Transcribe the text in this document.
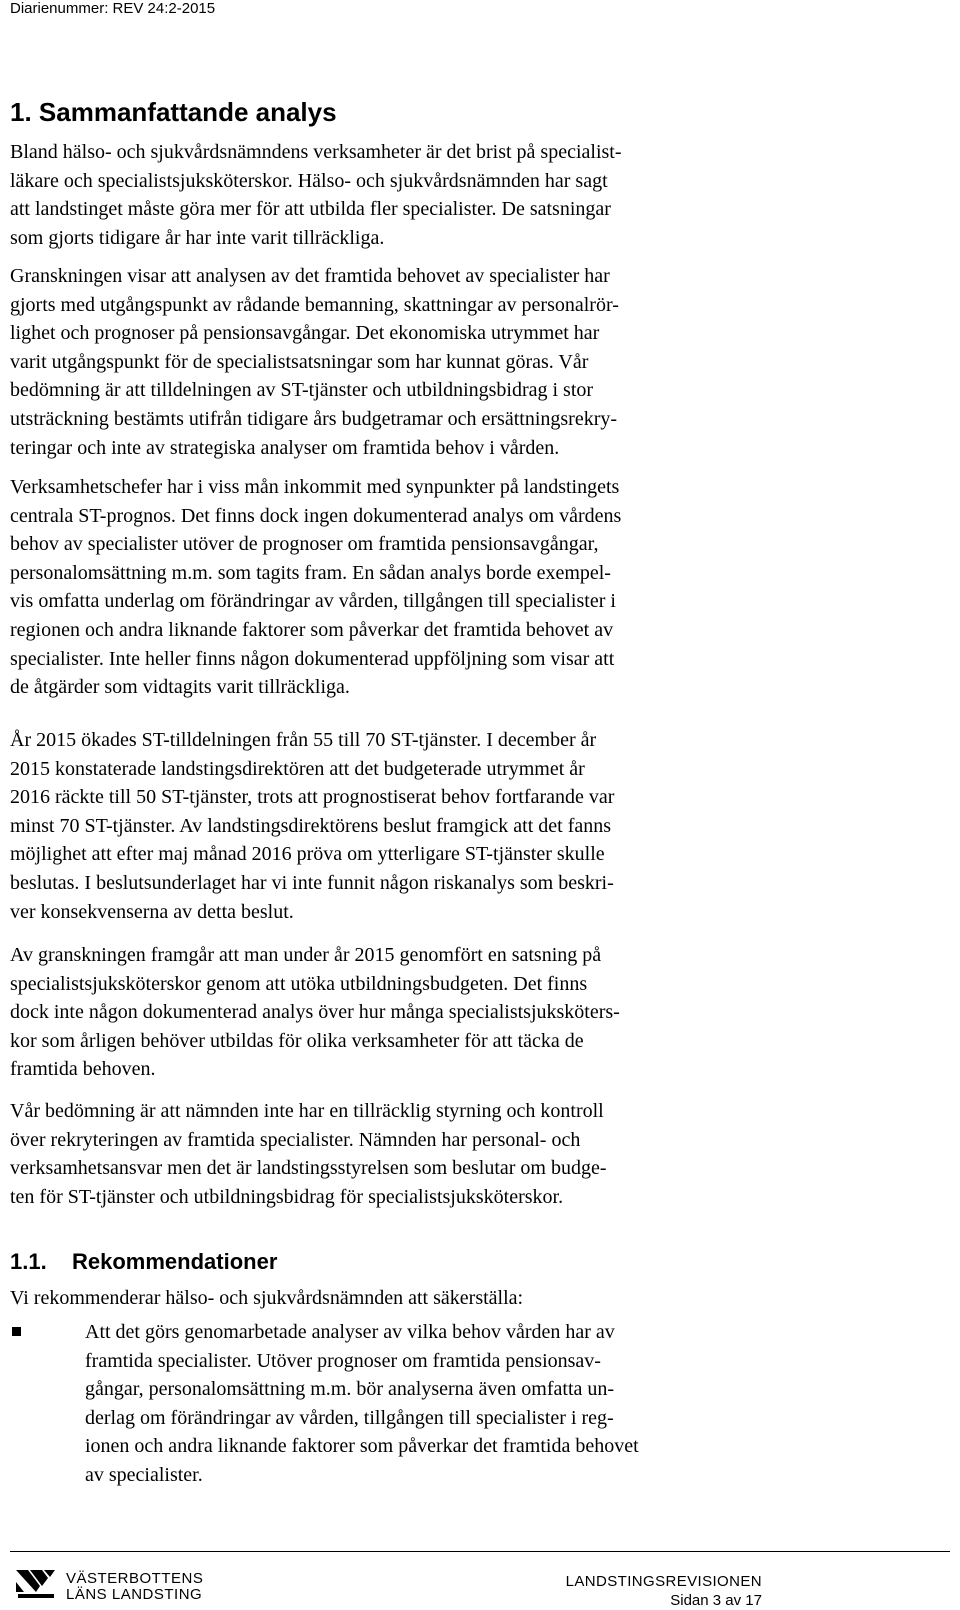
Diarienummer: REV 24:2-2015
1. Sammanfattande analys
Bland hälso- och sjukvårdsnämndens verksamheter är det brist på specialist-
läkare och specialistsjuksköterskor. Hälso- och sjukvårdsnämnden har sagt
att landstinget måste göra mer för att utbilda fler specialister. De satsningar
som gjorts tidigare år har inte varit tillräckliga.
Granskningen visar att analysen av det framtida behovet av specialister har
gjorts med utgångspunkt av rådande bemanning, skattningar av personalrör-
lighet och prognoser på pensionsavgångar. Det ekonomiska utrymmet har
varit utgångspunkt för de specialistsatsningar som har kunnat göras. Vår
bedömning är att tilldelningen av ST-tjänster och utbildningsbidrag i stor
utsträckning bestämts utifrån tidigare års budgetramar och ersättningsrekry-
teringar och inte av strategiska analyser om framtida behov i vården.
Verksamhetschefer har i viss mån inkommit med synpunkter på landstingets
centrala ST-prognos. Det finns dock ingen dokumenterad analys om vårdens
behov av specialister utöver de prognoser om framtida pensionsavgångar,
personalomsättning m.m. som tagits fram. En sådan analys borde exempel-
vis omfatta underlag om förändringar av vården, tillgången till specialister i
regionen och andra liknande faktorer som påverkar det framtida behovet av
specialister. Inte heller finns någon dokumenterad uppföljning som visar att
de åtgärder som vidtagits varit tillräckliga.
År 2015 ökades ST-tilldelningen från 55 till 70 ST-tjänster. I december år
2015 konstaterade landstingsdirektören att det budgeterade utrymmet år
2016 räckte till 50 ST-tjänster, trots att prognostiserat behov fortfarande var
minst 70 ST-tjänster. Av landstingsdirektörens beslut framgick att det fanns
möjlighet att efter maj månad 2016 pröva om ytterligare ST-tjänster skulle
beslutas. I beslutsunderlaget har vi inte funnit någon riskanalys som beskri-
ver konsekvenserna av detta beslut.
Av granskningen framgår att man under år 2015 genomfört en satsning på
specialistsjuksköterskor genom att utöka utbildningsbudgeten. Det finns
dock inte någon dokumenterad analys över hur många specialistsjuksköters-
kor som årligen behöver utbildas för olika verksamheter för att täcka de
framtida behoven.
Vår bedömning är att nämnden inte har en tillräcklig styrning och kontroll
över rekryteringen av framtida specialister. Nämnden har personal- och
verksamhetsansvar men det är landstingsstyrelsen som beslutar om budge-
ten för ST-tjänster och utbildningsbidrag för specialistsjuksköterskor.
1.1. Rekommendationer
Vi rekommenderar hälso- och sjukvårdsnämnden att säkerställa:
Att det görs genomarbetade analyser av vilka behov vården har av
framtida specialister. Utöver prognoser om framtida pensionsav-
gångar, personalomsättning m.m. bör analyserna även omfatta un-
derlag om förändringar av vården, tillgången till specialister i reg-
ionen och andra liknande faktorer som påverkar det framtida behovet
av specialister.
VÄSTERBOTTENS
LÄNS LANDSTING
LANDSTINGSREVISIONEN
Sidan 3 av 17
